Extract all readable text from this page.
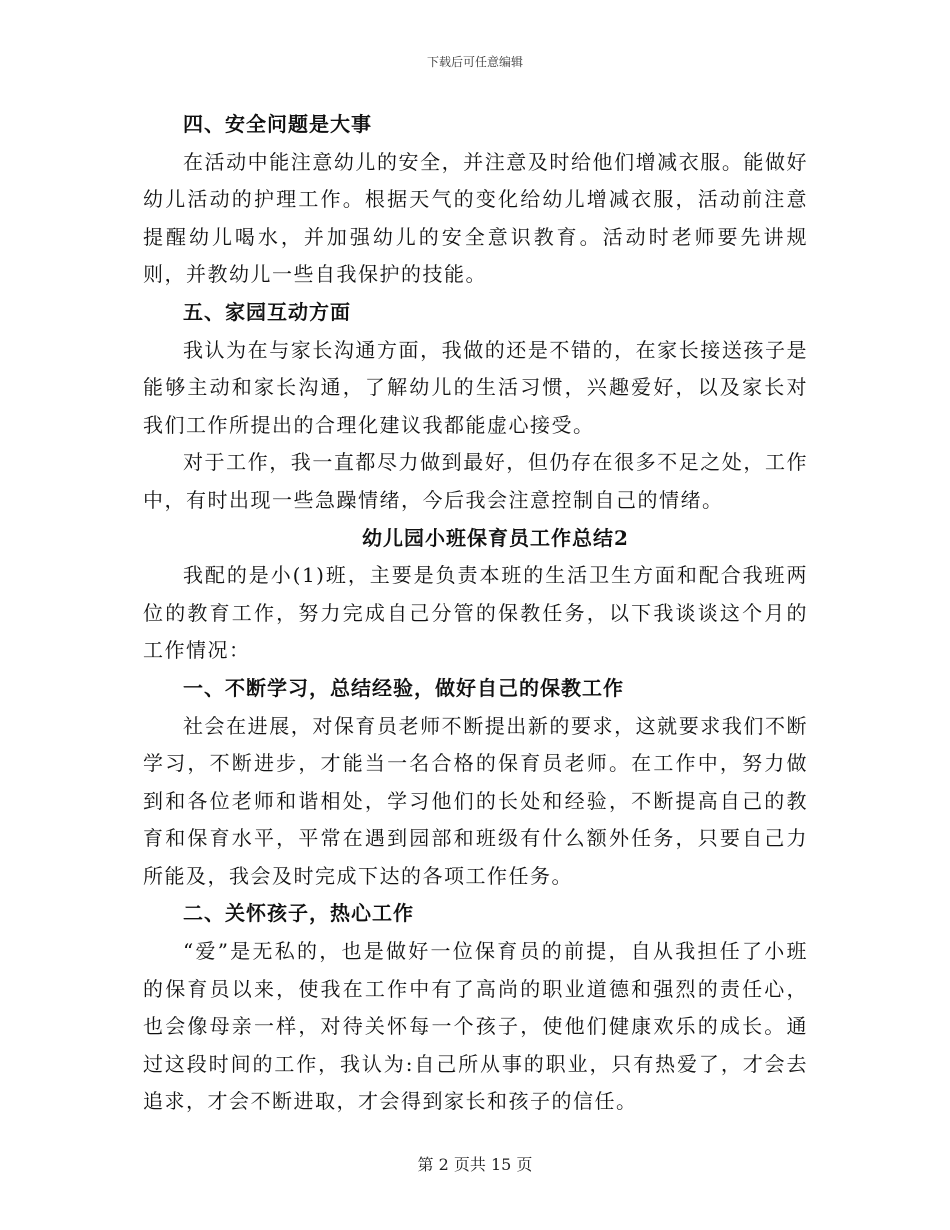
下载后可任意编辑

四、安全问题是大事

在活动中能注意幼儿的安全，并注意及时给他们增减衣服。能做好幼儿活动的护理工作。根据天气的变化给幼儿增减衣服，活动前注意提醒幼儿喝水，并加强幼儿的安全意识教育。活动时老师要先讲规则，并教幼儿一些自我保护的技能。

五、家园互动方面

我认为在与家长沟通方面，我做的还是不错的，在家长接送孩子是能够主动和家长沟通，了解幼儿的生活习惯，兴趣爱好，以及家长对我们工作所提出的合理化建议我都能虚心接受。

对于工作，我一直都尽力做到最好，但仍存在很多不足之处，工作中，有时出现一些急躁情绪，今后我会注意控制自己的情绪。

幼儿园小班保育员工作总结2

我配的是小(1)班，主要是负责本班的生活卫生方面和配合我班两位的教育工作，努力完成自己分管的保教任务，以下我谈谈这个月的工作情况：

一、不断学习，总结经验，做好自己的保教工作

社会在进展，对保育员老师不断提出新的要求，这就要求我们不断学习，不断进步，才能当一名合格的保育员老师。在工作中，努力做到和各位老师和谐相处，学习他们的长处和经验，不断提高自己的教育和保育水平，平常在遇到园部和班级有什么额外任务，只要自己力所能及，我会及时完成下达的各项工作任务。

二、关怀孩子，热心工作

“爱”是无私的，也是做好一位保育员的前提，自从我担任了小班的保育员以来，使我在工作中有了高尚的职业道德和强烈的责任心，也会像母亲一样，对待关怀每一个孩子，使他们健康欢乐的成长。通过这段时间的工作，我认为:自己所从事的职业，只有热爱了，才会去追求，才会不断进取，才会得到家长和孩子的信任。

第 2 页共 15 页
